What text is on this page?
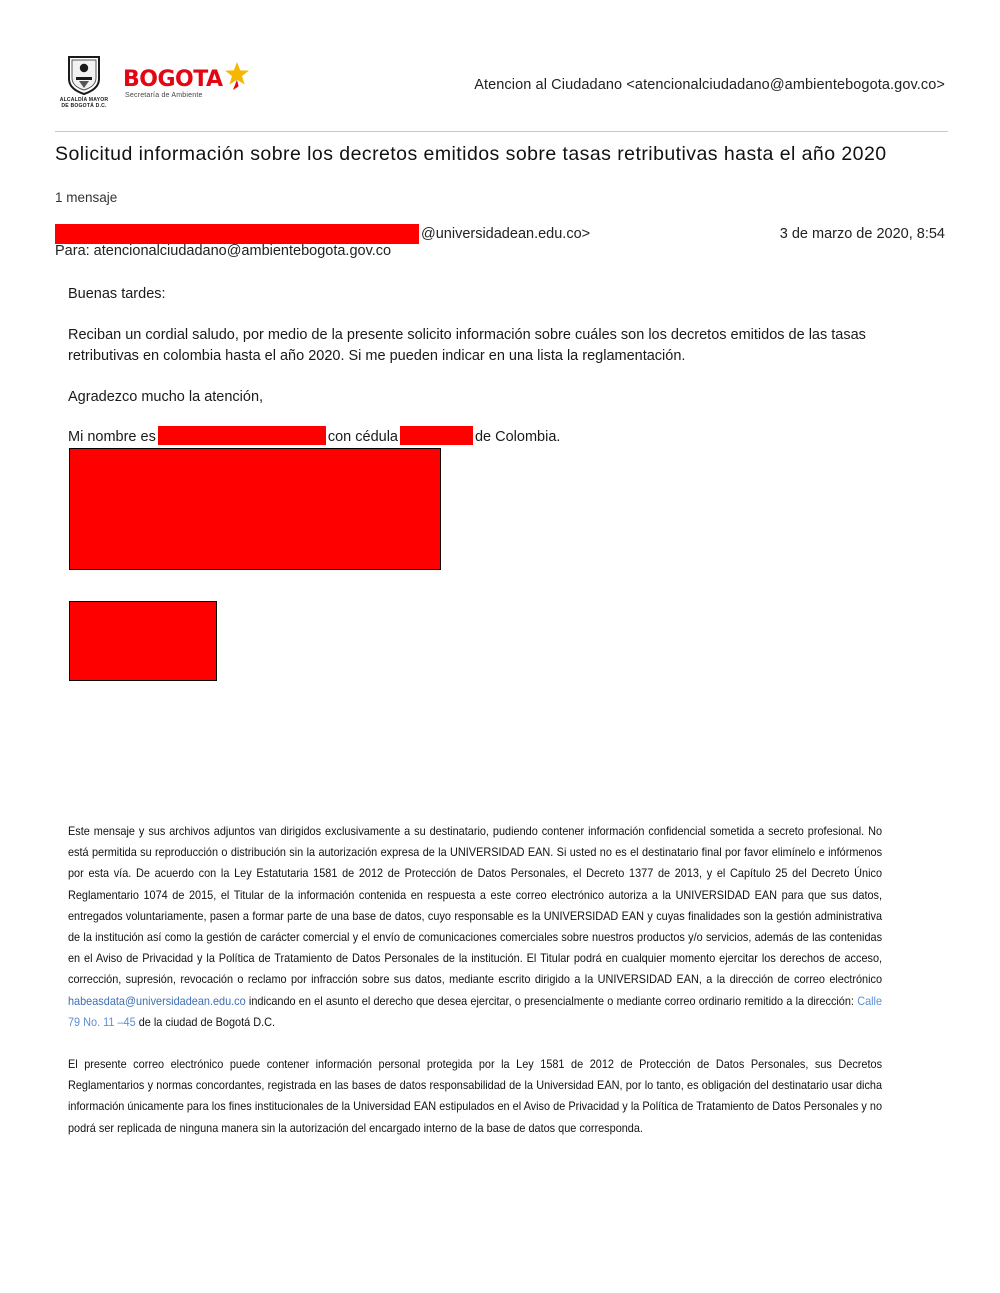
ALCALDÍA MAYOR
DE BOGOTÁ D.C.
BOGOTA
Secretaría de Ambiente
Atencion al Ciudadano <atencionalciudadano@ambientebogota.gov.co>
Solicitud información sobre los decretos emitidos sobre tasas retributivas hasta el año 2020
1 mensaje
@universidadean.edu.co>	3 de marzo de 2020, 8:54
Para: atencionalciudadano@ambientebogota.gov.co

Buenas tardes:

Reciban un cordial saludo, por medio de la presente solicito información sobre cuáles son los decretos emitidos de las tasas retributivas en colombia hasta el año 2020. Si me pueden indicar en una lista la reglamentación.

Agradezco mucho la atención,

Mi nombre es	con cédula	de Colombia.

Este mensaje y sus archivos adjuntos van dirigidos exclusivamente a su destinatario, pudiendo contener información confidencial sometida a secreto profesional. No está permitida su reproducción o distribución sin la autorización expresa de la UNIVERSIDAD EAN. Si usted no es el destinatario final por favor elimínelo e infórmenos por esta vía. De acuerdo con la Ley Estatutaria 1581 de 2012 de Protección de Datos Personales, el Decreto 1377 de 2013, y el Capítulo 25 del Decreto Único Reglamentario 1074 de 2015, el Titular de la información contenida en respuesta a este correo electrónico autoriza a la UNIVERSIDAD EAN para que sus datos, entregados voluntariamente, pasen a formar parte de una base de datos, cuyo responsable es la UNIVERSIDAD EAN y cuyas finalidades son la gestión administrativa de la institución así como la gestión de carácter comercial y el envío de comunicaciones comerciales sobre nuestros productos y/o servicios, además de las contenidas en el Aviso de Privacidad y la Política de Tratamiento de Datos Personales de la institución. El Titular podrá en cualquier momento ejercitar los derechos de acceso, corrección, supresión, revocación o reclamo por infracción sobre sus datos, mediante escrito dirigido a la UNIVERSIDAD EAN, a la dirección de correo electrónico habeasdata@universidadean.edu.co indicando en el asunto el derecho que desea ejercitar, o presencialmente o mediante correo ordinario remitido a la dirección: Calle 79 No. 11 –45 de la ciudad de Bogotá D.C.

El presente correo electrónico puede contener información personal protegida por la Ley 1581 de 2012 de Protección de Datos Personales, sus Decretos Reglamentarios y normas concordantes, registrada en las bases de datos responsabilidad de la Universidad EAN, por lo tanto, es obligación del destinatario usar dicha información únicamente para los fines institucionales de la Universidad EAN estipulados en el Aviso de Privacidad y la Política de Tratamiento de Datos Personales y no podrá ser replicada de ninguna manera sin la autorización del encargado interno de la base de datos que corresponda.
